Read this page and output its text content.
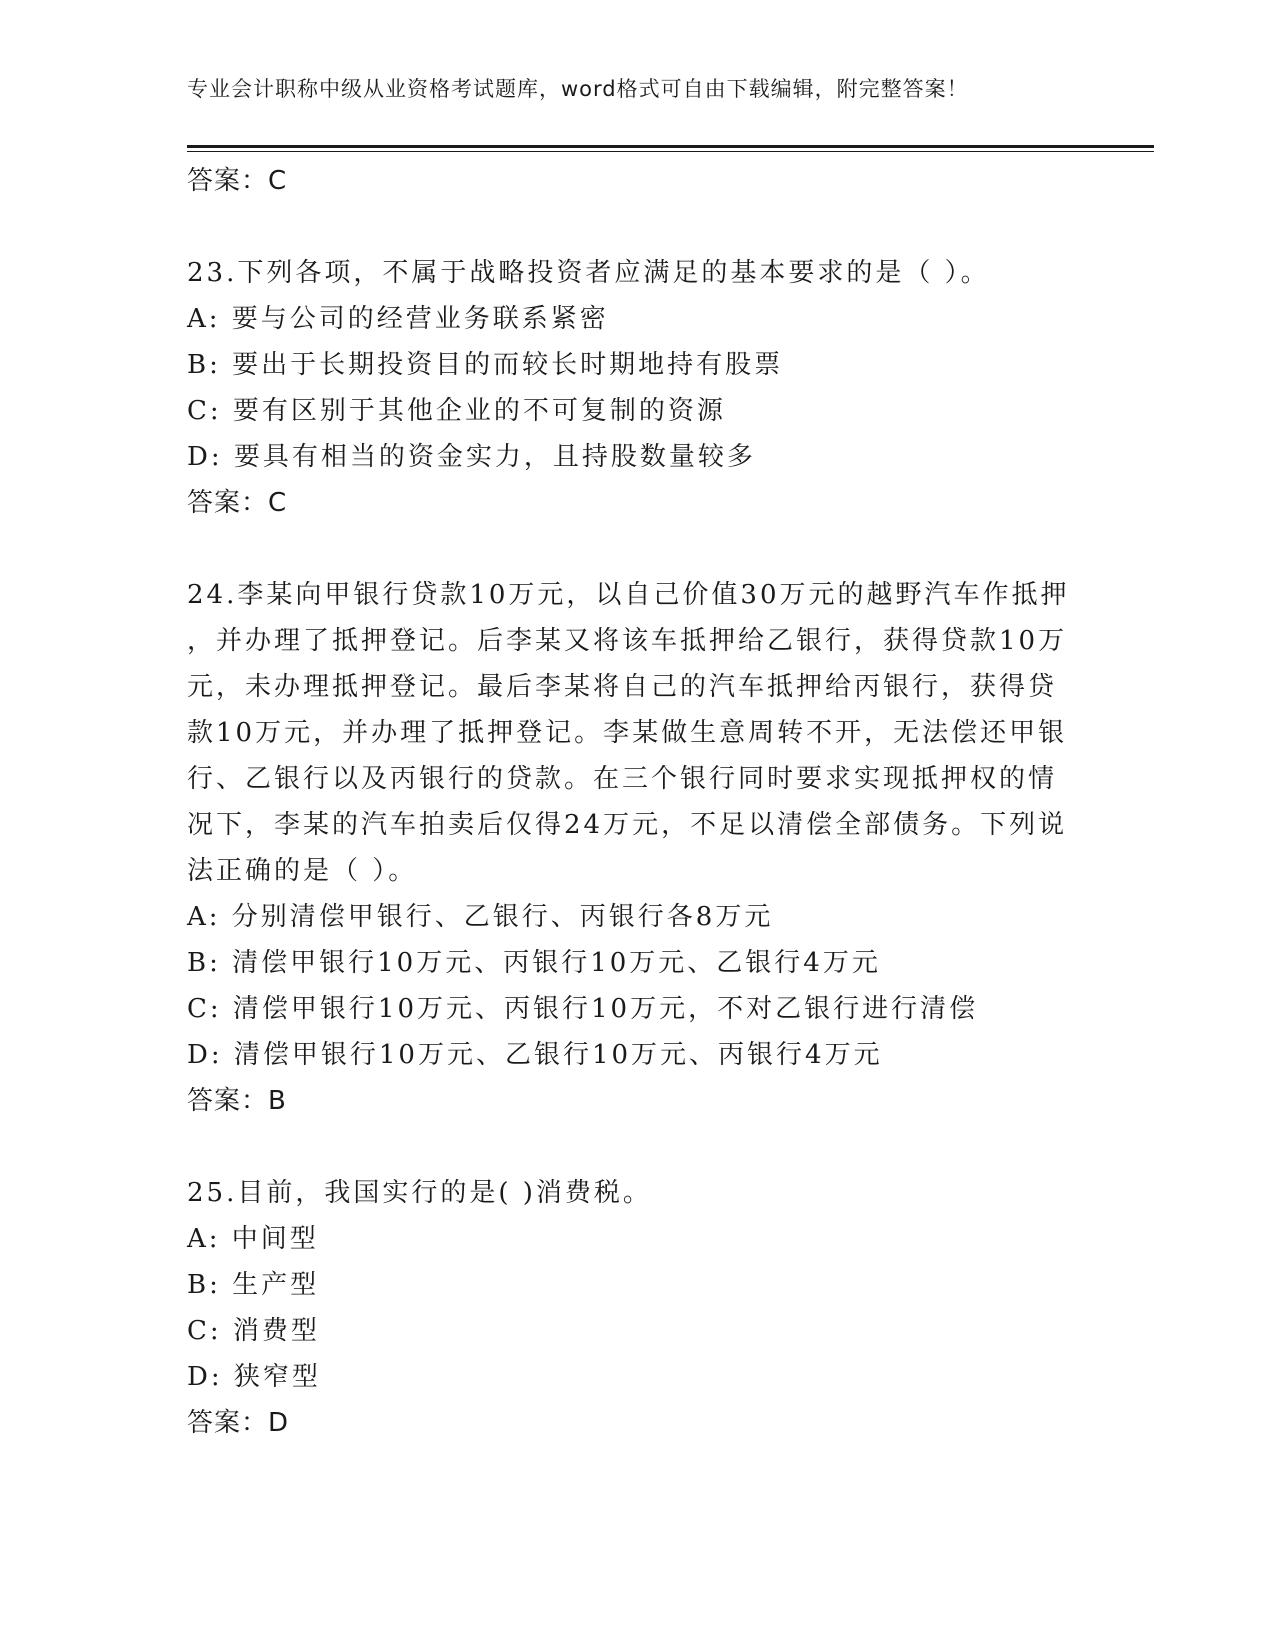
专业会计职称中级从业资格考试题库，word格式可自由下载编辑，附完整答案！
答案：C
23.下列各项，不属于战略投资者应满足的基本要求的是（ ）。
A: 要与公司的经营业务联系紧密
B: 要出于长期投资目的而较长时期地持有股票
C: 要有区别于其他企业的不可复制的资源
D: 要具有相当的资金实力，且持股数量较多
答案：C
24.李某向甲银行贷款10万元，以自己价值30万元的越野汽车作抵押
，并办理了抵押登记。后李某又将该车抵押给乙银行，获得贷款10万
元，未办理抵押登记。最后李某将自己的汽车抵押给丙银行，获得贷
款10万元，并办理了抵押登记。李某做生意周转不开，无法偿还甲银
行、乙银行以及丙银行的贷款。在三个银行同时要求实现抵押权的情
况下，李某的汽车拍卖后仅得24万元，不足以清偿全部债务。下列说
法正确的是（ ）。
A: 分别清偿甲银行、乙银行、丙银行各8万元
B: 清偿甲银行10万元、丙银行10万元、乙银行4万元
C: 清偿甲银行10万元、丙银行10万元，不对乙银行进行清偿
D: 清偿甲银行10万元、乙银行10万元、丙银行4万元
答案：B
25.目前，我国实行的是( )消费税。
A: 中间型
B: 生产型
C: 消费型
D: 狭窄型
答案：D
